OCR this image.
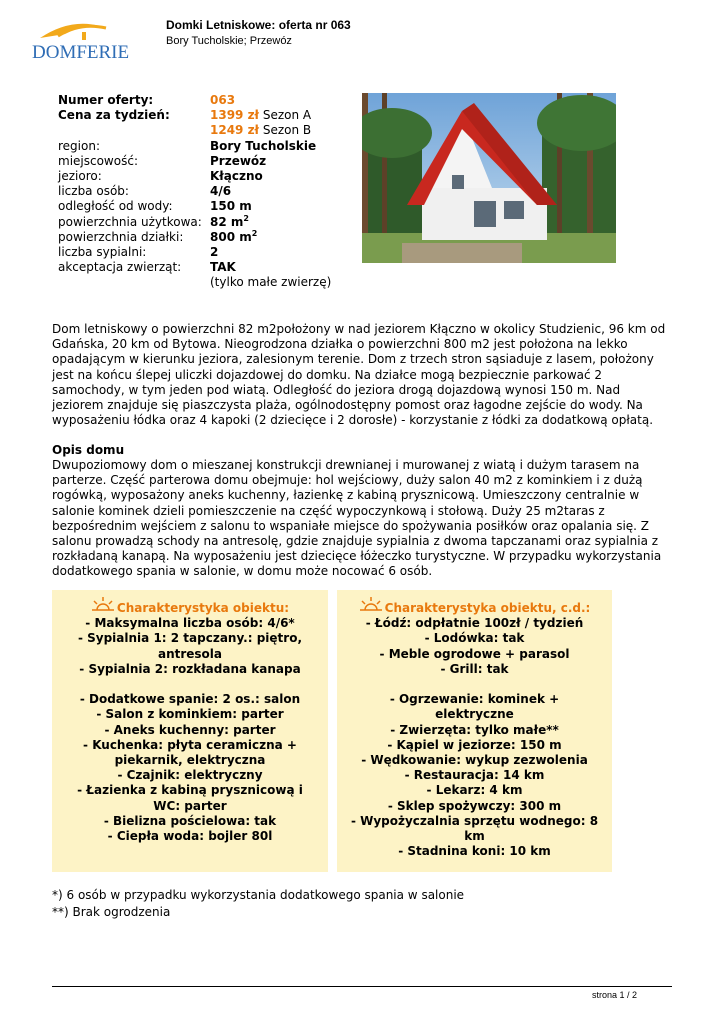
DOMFERIE
Domki Letniskowe: oferta nr 063
Bory Tucholskie; Przewóz
Numer oferty:	063
Cena za tydzień:	1399 zł Sezon A
1249 zł Sezon B
region:	Bory Tucholskie
miejscowość:	Przewóz
jezioro:	Kłączno
liczba osób:	4/6
odległość od wody:	150 m
powierzchnia użytkowa: 82 $m^2$
powierzchnia działki:	800 $m^2$
liczba sypialni:	2
akceptacja zwierząt:	TAK
(tylko małe zwierzę)
Dom letniskowy o powierzchni 82 m2położony w nad jeziorem Kłączno w okolicy Studzienic, 96 km od Gdańska, 20 km od Bytowa. Nieogrodzona działka o powierzchni 800 m2 jest położona na lekko opadającym w kierunku jeziora, zalesionym terenie. Dom z trzech stron sąsiaduje z lasem, położony jest na końcu ślepej uliczki dojazdowej do domku. Na działce mogą bezpiecznie parkować 2 samochody, w tym jeden pod wiatą. Odległość do jeziora drogą dojazdową wynosi 150 m. Nad jeziorem znajduje się piaszczysta plaża, ogólnodostępny pomost oraz łagodne zejście do wody. Na wyposażeniu łódka oraz 4 kapoki (2 dziecięce i 2 dorosłe) - korzystanie z łódki za dodatkową opłatą.
Opis domu
Dwupoziomowy dom o mieszanej konstrukcji drewnianej i murowanej z wiatą i dużym tarasem na parterze. Część parterowa domu obejmuje: hol wejściowy, duży salon 40 m2 z kominkiem i z dużą rogówką, wyposażony aneks kuchenny, łazienkę z kabiną prysznicową. Umieszczony centralnie w salonie kominek dzieli pomieszczenie na część wypoczynkową i stołową. Duży 25 m2taras z bezpośrednim wejściem z salonu to wspaniałe miejsce do spożywania posiłków oraz opalania się. Z salonu prowadzą schody na antresolę, gdzie znajduje sypialnia z dwoma tapczanami oraz sypialnia z rozkładaną kanapą. Na wyposażeniu jest dziecięce łóżeczko turystyczne. W przypadku wykorzystania dodatkowego spania w salonie, w domu może nocować 6 osób.
Charakterystyka obiektu:
- Maksymalna liczba osób: 4/6*
- Sypialnia 1: 2 tapczany.: piętro, antresola
- Sypialnia 2: rozkładana kanapa
- Dodatkowe spanie: 2 os.: salon
- Salon z kominkiem: parter
- Aneks kuchenny: parter
- Kuchenka: płyta ceramiczna + piekarnik, elektryczna
- Czajnik: elektryczny
- Łazienka z kabiną prysznicową i WC: parter
- Bielizna pościelowa: tak
- Ciepła woda: bojler 80l
Charakterystyka obiektu, c.d.:
- Łódź: odpłatnie 100zł / tydzień
- Lodówka: tak
- Meble ogrodowe + parasol
- Grill: tak
- Ogrzewanie: kominek + elektryczne
- Zwierzęta: tylko małe**
- Kąpiel w jeziorze: 150 m
- Wędkowanie: wykup zezwolenia
- Restauracja: 14 km
- Lekarz: 4 km
- Sklep spożywczy: 300 m
- Wypożyczalnia sprzętu wodnego: 8 km
- Stadnina koni: 10 km
*) 6 osób w przypadku wykorzystania dodatkowego spania w salonie
**) Brak ogrodzenia
strona 1 / 2
